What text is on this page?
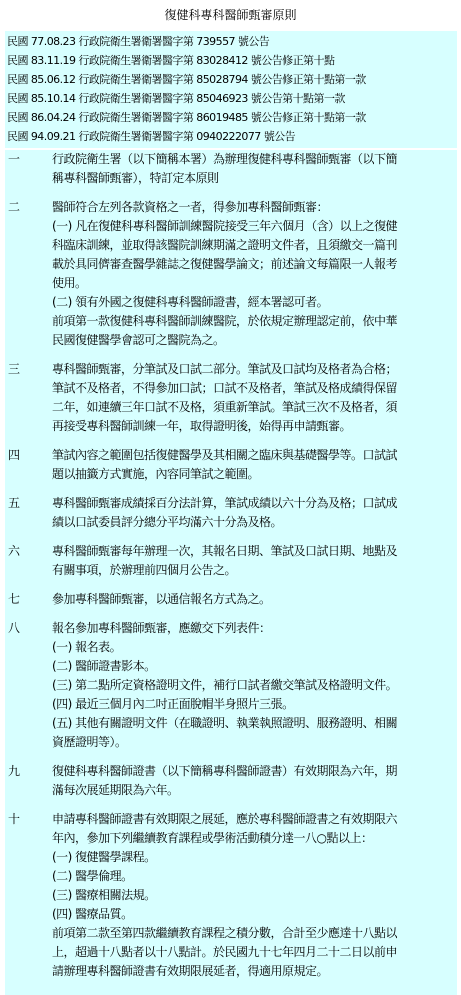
復健科專科醫師甄審原則
民國 77.08.23 行政院衛生署衛署醫字第 739557 號公告
民國 83.11.19 行政院衛生署衛署醫字第 83028412 號公告修正第十點
民國 85.06.12 行政院衛生署衛署醫字第 85028794 號公告修正第十點第一款
民國 85.10.14 行政院衛生署衛署醫字第 85046923 號公告第十點第一款
民國 86.04.24 行政院衛生署衛署醫字第 86019485 號公告修正第十點第一款
民國 94.09.21 行政院衛生署衛署醫字第 0940222077 號公告
一	行政院衛生署（以下簡稱本署）為辦理復健科專科醫師甄審（以下簡
稱專科醫師甄審），特訂定本原則
二	醫師符合左列各款資格之一者，得參加專科醫師甄審：
(一) 凡在復健科專科醫師訓練醫院接受三年六個月（含）以上之復健
科臨床訓練，並取得該醫院訓練期滿之證明文件者，且須繳交一篇刊
載於具同儕審查醫學雜誌之復健醫學論文；前述論文每篇限一人報考
使用。
(二) 領有外國之復健科專科醫師證書，經本署認可者。
前項第一款復健科專科醫師訓練醫院，於依規定辦理認定前，依中華
民國復健醫學會認可之醫院為之。
三	專科醫師甄審，分筆試及口試二部分。筆試及口試均及格者為合格；
筆試不及格者，不得參加口試；口試不及格者，筆試及格成績得保留
二年，如連續三年口試不及格，須重新筆試。筆試三次不及格者，須
再接受專科醫師訓練一年，取得證明後，始得再申請甄審。
四	筆試內容之範圍包括復健醫學及其相關之臨床與基礎醫學等。口試試
題以抽籤方式實施，內容同筆試之範圍。
五	專科醫師甄審成績採百分法計算，筆試成績以六十分為及格；口試成
績以口試委員評分總分平均滿六十分為及格。
六	專科醫師甄審每年辦理一次，其報名日期、筆試及口試日期、地點及
有關事項，於辦理前四個月公告之。
七	參加專科醫師甄審，以通信報名方式為之。
八	報名參加專科醫師甄審，應繳交下列表件：
(一) 報名表。
(二) 醫師證書影本。
(三) 第二點所定資格證明文件，補行口試者繳交筆試及格證明文件。
(四) 最近三個月內二吋正面脫帽半身照片三張。
(五) 其他有關證明文件（在職證明、執業執照證明、服務證明、相關
資歷證明等）。
九	復健科專科醫師證書（以下簡稱專科醫師證書）有效期限為六年，期
滿每次展延期限為六年。
十	申請專科醫師證書有效期限之展延，應於專科醫師證書之有效期限六
年內，參加下列繼續教育課程或學術活動積分達一八○點以上：
(一) 復健醫學課程。
(二) 醫學倫理。
(三) 醫療相關法規。
(四) 醫療品質。
前項第二款至第四款繼續教育課程之積分數，合計至少應達十八點以
上，超過十八點者以十八點計。於民國九十七年四月二十二日以前申
請辦理專科醫師證書有效期限展延者，得適用原規定。
